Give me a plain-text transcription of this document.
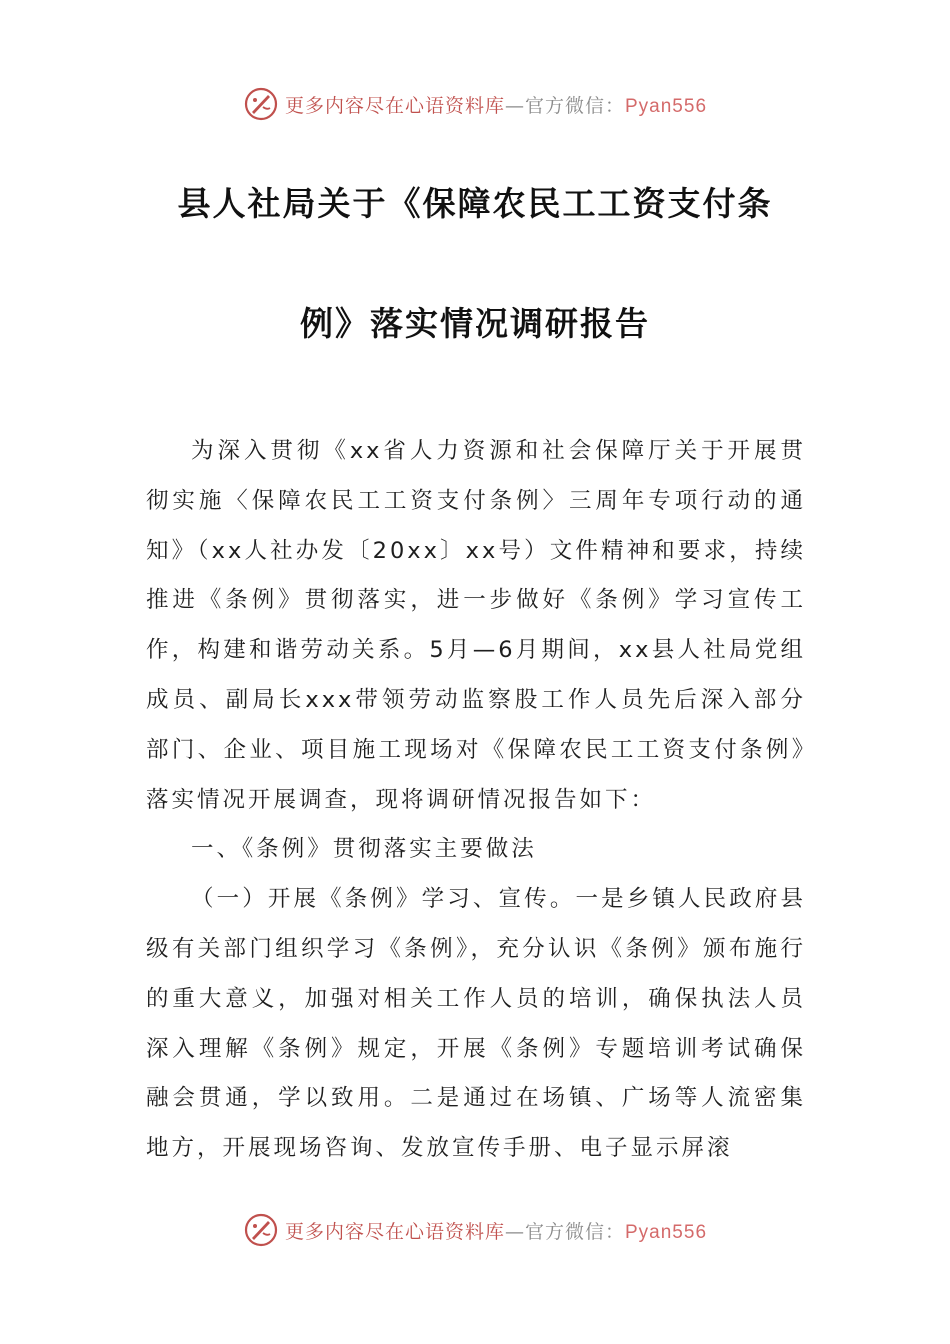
更多内容尽在心语资料库—官方微信：Pyan556
县人社局关于《保障农民工工资支付条
例》落实情况调研报告

为深入贯彻《xx省人力资源和社会保障厅关于开展贯彻实施〈保障农民工工资支付条例〉三周年专项行动的通知》（xx人社办发〔20xx〕xx号）文件精神和要求，持续推进《条例》贯彻落实，进一步做好《条例》学习宣传工作，构建和谐劳动关系。5月—6月期间，xx县人社局党组成员、副局长xxx带领劳动监察股工作人员先后深入部分部门、企业、项目施工现场对《保障农民工工资支付条例》落实情况开展调查，现将调研情况报告如下：

一、《条例》贯彻落实主要做法

（一）开展《条例》学习、宣传。一是乡镇人民政府县级有关部门组织学习《条例》，充分认识《条例》颁布施行的重大意义，加强对相关工作人员的培训，确保执法人员深入理解《条例》规定，开展《条例》专题培训考试确保融会贯通，学以致用。二是通过在场镇、广场等人流密集地方，开展现场咨询、发放宣传手册、电子显示屏滚

更多内容尽在心语资料库—官方微信：Pyan556
